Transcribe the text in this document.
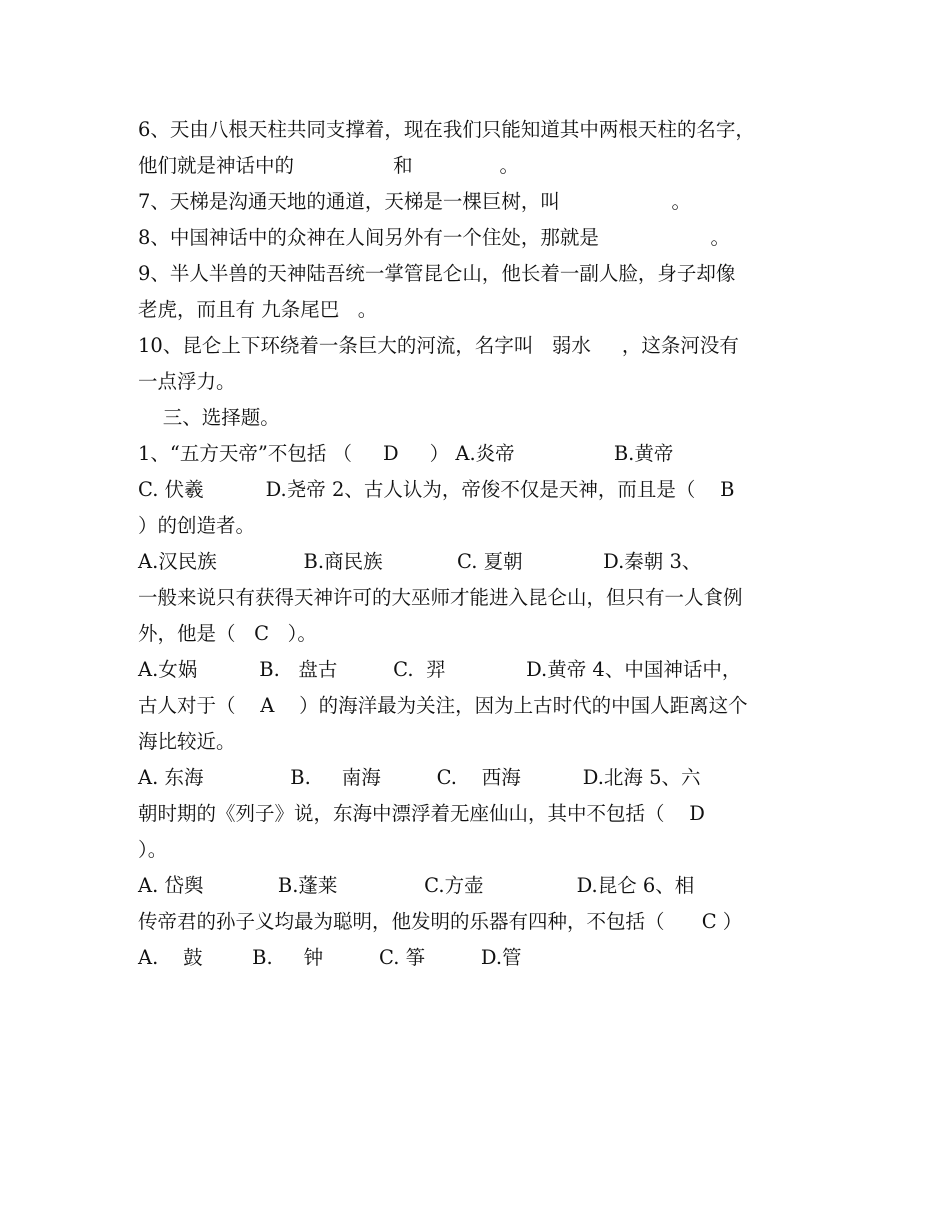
6、天由八根天柱共同支撑着，现在我们只能知道其中两根天柱的名字，
他们就是神话中的                和              。
7、天梯是沟通天地的通道，天梯是一棵巨树，叫                  。
8、中国神话中的众神在人间另外有一个住处，那就是                  。
9、半人半兽的天神陆吾统一掌管昆仑山，他长着一副人脸，身子却像
老虎，而且有 九条尾巴   。
10、昆仑上下环绕着一条巨大的河流，名字叫   弱水     ，这条河没有
一点浮力。
三、选择题。
1、“五方天帝”不包括 （     D     ） A.炎帝                B.黄帝
C. 伏羲          D.尧帝 2、古人认为，帝俊不仅是天神，而且是（    B
）的创造者。
A.汉民族              B.商民族            C. 夏朝             D.秦朝 3、
一般来说只有获得天神许可的大巫师才能进入昆仑山，但只有一人食例
外，他是（   C   ）。
A.女娲          B.   盘古         C.  羿             D.黄帝 4、中国神话中，
古人对于（    A    ）的海洋最为关注，因为上古时代的中国人距离这个
海比较近。
A. 东海              B.     南海         C.    西海          D.北海 5、六
朝时期的《列子》说，东海中漂浮着无座仙山，其中不包括（    D
）。
A. 岱舆            B.蓬莱              C.方壶               D.昆仑 6、相
传帝君的孙子义均最为聪明，他发明的乐器有四种，不包括（      C ）
A.    鼓        B.     钟         C. 筝         D.管
